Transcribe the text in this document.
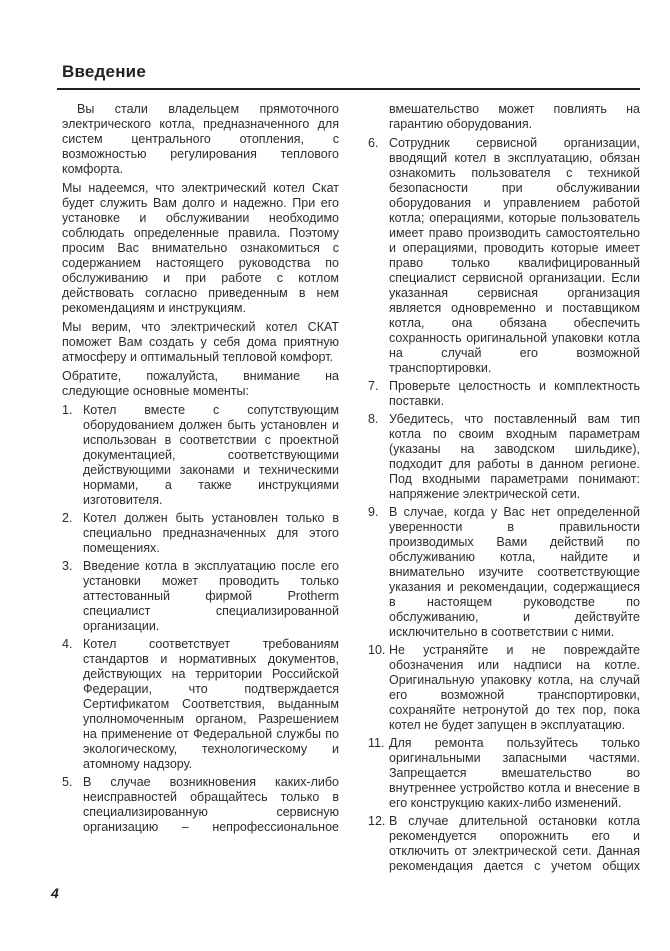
Введение

Вы стали владельцем прямоточного электрического котла, предназначенного для систем центрального отопления, с возможностью регулирования теплового комфорта.

Мы надеемся, что электрический котел Скат будет служить Вам долго и надежно. При его установке и обслуживании необходимо соблюдать определенные правила. Поэтому просим Вас внимательно ознакомиться с содержанием настоящего руководства по обслуживанию и при работе с котлом действовать согласно приведенным в нем рекомендациям и инструкциям.

Мы верим, что электрический котел СКАТ поможет Вам создать у себя дома приятную атмосферу и оптимальный тепловой комфорт.

Обратите, пожалуйста, внимание на следующие основные моменты:

1. Котел вместе с сопутствующим оборудованием должен быть установлен и использован в соответствии с проектной документацией, соответствующими действующими законами и техническими нормами, а также инструкциями изготовителя.
2. Котел должен быть установлен только в специально предназначенных для этого помещениях.
3. Введение котла в эксплуатацию после его установки может проводить только аттестованный фирмой Protherm специалист специализированной организации.
4. Котел соответствует требованиям стандартов и нормативных документов, действующих на территории Российской Федерации, что подтверждается Сертификатом Соответствия, выданным уполномоченным органом, Разрешением на применение от Федеральной службы по экологическому, технологическому и атомному надзору.
5. В случае возникновения каких-либо неисправностей обращайтесь только в специализированную сервисную организацию – непрофессиональное

вмешательство может повлиять на гарантию оборудования.

6. Сотрудник сервисной организации, вводящий котел в эксплуатацию, обязан ознакомить пользователя с техникой безопасности при обслуживании оборудования и управлением работой котла; операциями, которые пользователь имеет право производить самостоятельно и операциями, проводить которые имеет право только квалифицированный специалист сервисной организации. Если указанная сервисная организация является одновременно и поставщиком котла, она обязана обеспечить сохранность оригинальной упаковки котла на случай его возможной транспортировки.
7. Проверьте целостность и комплектность поставки.
8. Убедитесь, что поставленный вам тип котла по своим входным параметрам (указаны на заводском шильдике), подходит для работы в данном регионе. Под входными параметрами понимают: напряжение электрической сети.
9. В случае, когда у Вас нет определенной уверенности в правильности производимых Вами действий по обслуживанию котла, найдите и внимательно изучите соответствующие указания и рекомендации, содержащиеся в настоящем руководстве по обслуживанию, и действуйте исключительно в соответствии с ними.
10. Не устраняйте и не повреждайте обозначения или надписи на котле. Оригинальную упаковку котла, на случай его возможной транспортировки, сохраняйте нетронутой до тех пор, пока котел не будет запущен в эксплуатацию.
11. Для ремонта пользуйтесь только оригинальными запасными частями. Запрещается вмешательство во внутреннее устройство котла и внесение в его конструкцию каких-либо изменений.
12. В случае длительной остановки котла рекомендуется опорожнить его и отключить от электрической сети. Данная рекомендация дается с учетом общих
4
